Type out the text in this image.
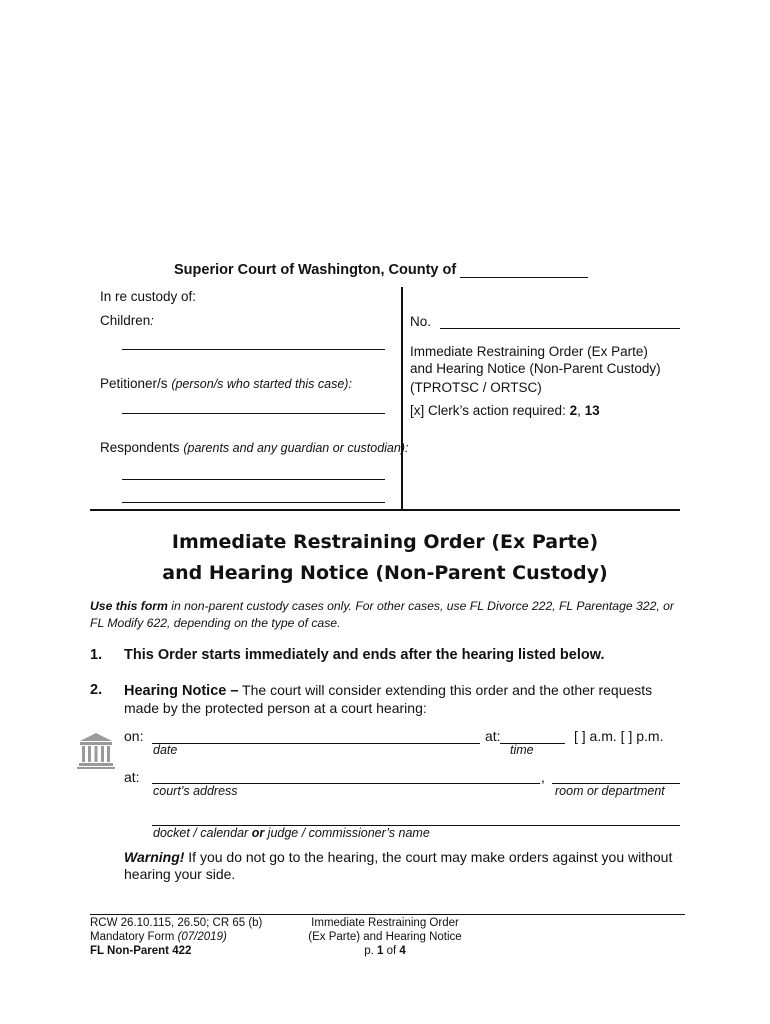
Superior Court of Washington, County of
In re custody of:
Children:
Petitioner/s (person/s who started this case):
Respondents (parents and any guardian or custodian):
No.
Immediate Restraining Order (Ex Parte)
and Hearing Notice (Non-Parent Custody)
(TPROTSC / ORTSC)
[x] Clerk’s action required: 2, 13
Immediate Restraining Order (Ex Parte)
and Hearing Notice (Non-Parent Custody)
Use this form in non-parent custody cases only. For other cases, use FL Divorce 222, FL Parentage 322, or FL Modify 622, depending on the type of case.
1. This Order starts immediately and ends after the hearing listed below.
2. Hearing Notice – The court will consider extending this order and the other requests made by the protected person at a court hearing:
on:
date
at:
time
[ ] a.m. [ ] p.m.
at:	,
court’s address	room or department
docket / calendar or judge / commissioner’s name
Warning! If you do not go to the hearing, the court may make orders against you without hearing your side.
RCW 26.10.115, 26.50; CR 65 (b)
Mandatory Form (07/2019)
FL Non-Parent 422
Immediate Restraining Order
(Ex Parte) and Hearing Notice
p. 1 of 4
